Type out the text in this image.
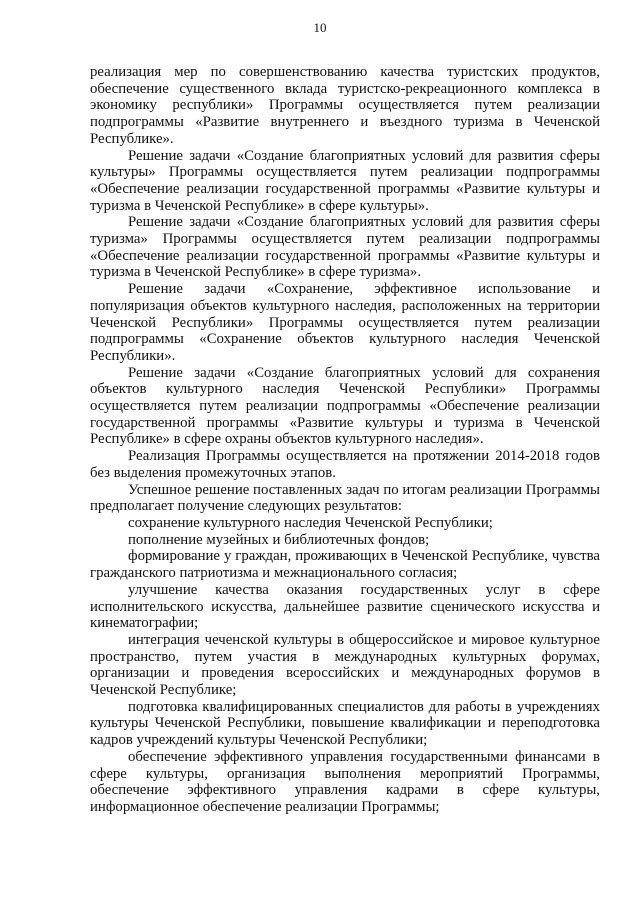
10

реализация мер по совершенствованию качества туристских продуктов, обеспечение существенного вклада туристско-рекреационного комплекса в экономику республики» Программы осуществляется путем реализации подпрограммы «Развитие внутреннего и въездного туризма в Чеченской Республике».

Решение задачи «Создание благоприятных условий для развития сферы культуры» Программы осуществляется путем реализации подпрограммы «Обеспечение реализации государственной программы «Развитие культуры и туризма в Чеченской Республике» в сфере культуры».

Решение задачи «Создание благоприятных условий для развития сферы туризма» Программы осуществляется путем реализации подпрограммы «Обеспечение реализации государственной программы «Развитие культуры и туризма в Чеченской Республике» в сфере туризма».

Решение задачи «Сохранение, эффективное использование и популяризация объектов культурного наследия, расположенных на территории Чеченской Республики» Программы осуществляется путем реализации подпрограммы «Сохранение объектов культурного наследия Чеченской Республики».

Решение задачи «Создание благоприятных условий для сохранения объектов культурного наследия Чеченской Республики» Программы осуществляется путем реализации подпрограммы «Обеспечение реализации государственной программы «Развитие культуры и туризма в Чеченской Республике» в сфере охраны объектов культурного наследия».

Реализация Программы осуществляется на протяжении 2014-2018 годов без выделения промежуточных этапов.

Успешное решение поставленных задач по итогам реализации Программы предполагает получение следующих результатов:

сохранение культурного наследия Чеченской Республики;

пополнение музейных и библиотечных фондов;

формирование у граждан, проживающих в Чеченской Республике, чувства гражданского патриотизма и межнационального согласия;

улучшение качества оказания государственных услуг в сфере исполнительского искусства, дальнейшее развитие сценического искусства и кинематографии;

интеграция чеченской культуры в общероссийское и мировое культурное пространство, путем участия в международных культурных форумах, организации и проведения всероссийских и международных форумов в Чеченской Республике;

подготовка квалифицированных специалистов для работы в учреждениях культуры Чеченской Республики, повышение квалификации и переподготовка кадров учреждений культуры Чеченской Республики;

обеспечение эффективного управления государственными финансами в сфере культуры, организация выполнения мероприятий Программы, обеспечение эффективного управления кадрами в сфере культуры, информационное обеспечение реализации Программы;
